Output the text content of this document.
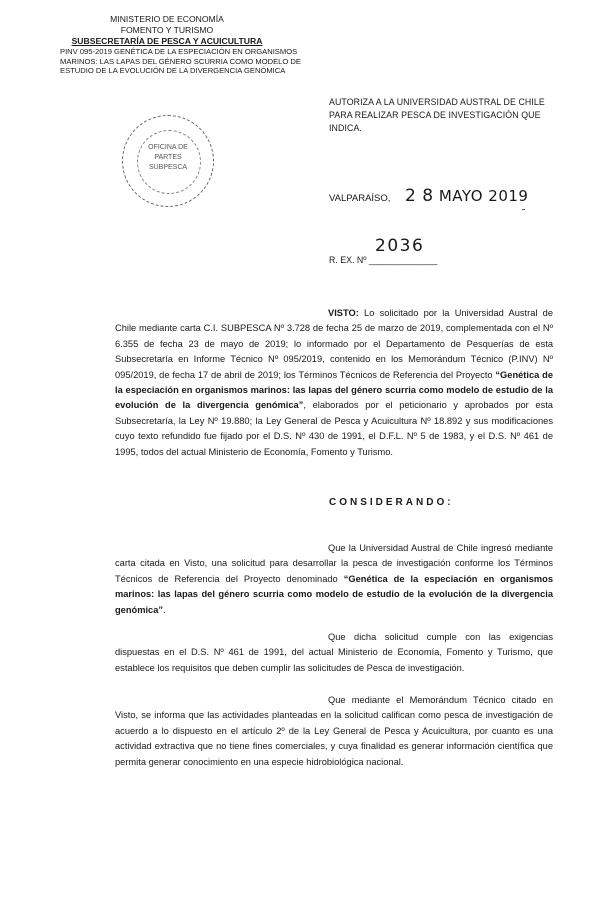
MINISTERIO DE ECONOMÍA
FOMENTO Y TURISMO
SUBSECRETARÍA DE PESCA Y ACUICULTURA
PINV 095-2019 GENÉTICA DE LA ESPECIACIÓN EN ORGANISMOS
MARINOS: LAS LAPAS DEL GÉNERO SCURRIA COMO MODELO DE
ESTUDIO DE LA EVOLUCIÓN DE LA DIVERGENCIA GENÓMICA
OFICINA DE
PARTES
SUBPESCA
AUTORIZA A LA UNIVERSIDAD AUSTRAL DE CHILE PARA REALIZAR PESCA DE INVESTIGACIÓN QUE INDICA.
VALPARAÍSO, 2 8 MAYO 2019
2036
R. EX. Nº ______________
VISTO: Lo solicitado por la Universidad Austral de Chile mediante carta C.I. SUBPESCA Nº 3.728 de fecha 25 de marzo de 2019, complementada con el Nº 6.355 de fecha 23 de mayo de 2019; lo informado por el Departamento de Pesquerías de esta Subsecretaría en Informe Técnico Nº 095/2019, contenido en los Memorándum Técnico (P.INV) Nº 095/2019, de fecha 17 de abril de 2019; los Términos Técnicos de Referencia del Proyecto “Genética de la especiación en organismos marinos: las lapas del género scurria como modelo de estudio de la evolución de la divergencia genómica”, elaborados por el peticionario y aprobados por esta Subsecretaría, la Ley Nº 19.880; la Ley General de Pesca y Acuicultura Nº 18.892 y sus modificaciones cuyo texto refundido fue fijado por el D.S. Nº 430 de 1991, el D.F.L. Nº 5 de 1983, y el D.S. Nº 461 de 1995, todos del actual Ministerio de Economía, Fomento y Turismo.
CONSIDERANDO:
Que la Universidad Austral de Chile ingresó mediante carta citada en Visto, una solicitud para desarrollar la pesca de investigación conforme los Términos Técnicos de Referencia del Proyecto denominado “Genética de la especiación en organismos marinos: las lapas del género scurria como modelo de estudio de la evolución de la divergencia genómica”.
Que dicha solicitud cumple con las exigencias dispuestas en el D.S. Nº 461 de 1991, del actual Ministerio de Economía, Fomento y Turismo, que establece los requisitos que deben cumplir las solicitudes de Pesca de investigación.
Que mediante el Memorándum Técnico citado en Visto, se informa que las actividades planteadas en la solicitud califican como pesca de investigación de acuerdo a lo dispuesto en el artículo 2º de la Ley General de Pesca y Acuicultura, por cuanto es una actividad extractiva que no tiene fines comerciales, y cuya finalidad es generar información científica que permita generar conocimiento en una especie hidrobiológica nacional.
